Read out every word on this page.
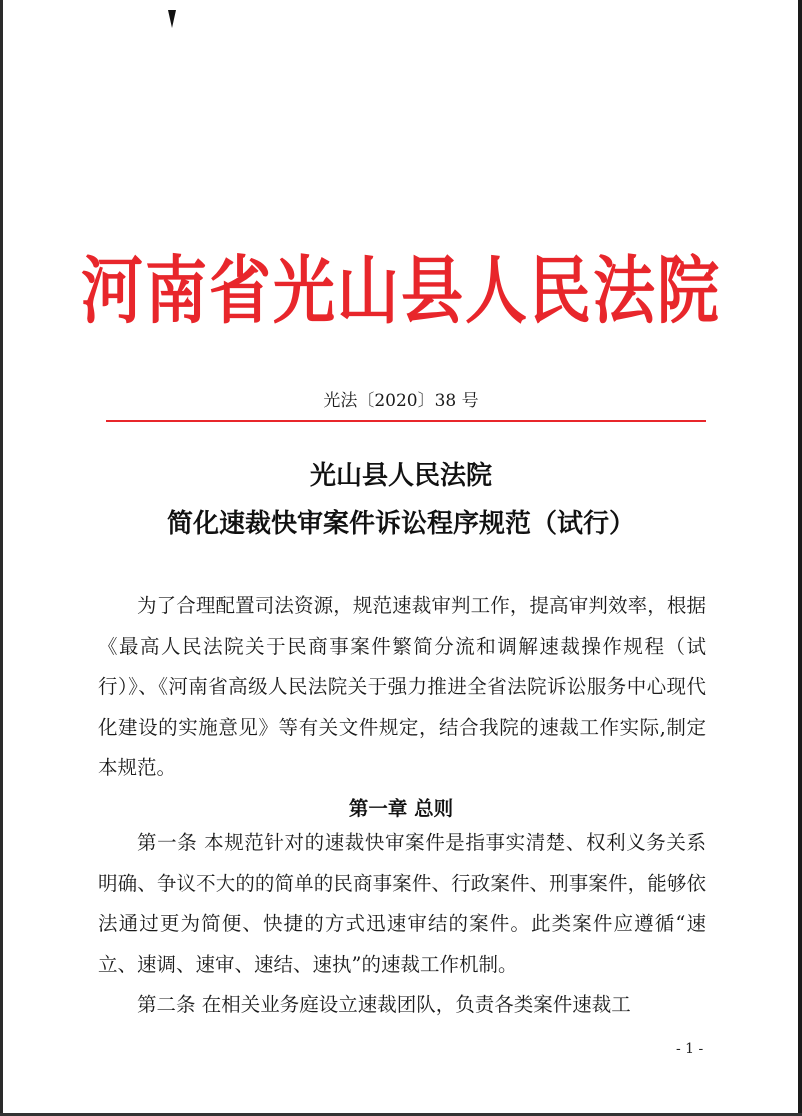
河南省光山县人民法院
光法〔2020〕38 号
光山县人民法院
简化速裁快审案件诉讼程序规范（试行）

为了合理配置司法资源，规范速裁审判工作，提高审判效率，根据《最高人民法院关于民商事案件繁简分流和调解速裁操作规程（试行）》、《河南省高级人民法院关于强力推进全省法院诉讼服务中心现代化建设的实施意见》等有关文件规定，结合我院的速裁工作实际,制定本规范。

第一章 总则

第一条 本规范针对的速裁快审案件是指事实清楚、权利义务关系明确、争议不大的的简单的民商事案件、行政案件、刑事案件，能够依法通过更为简便、快捷的方式迅速审结的案件。此类案件应遵循“速立、速调、速审、速结、速执”的速裁工作机制。

第二条 在相关业务庭设立速裁团队，负责各类案件速裁工

- 1 -
